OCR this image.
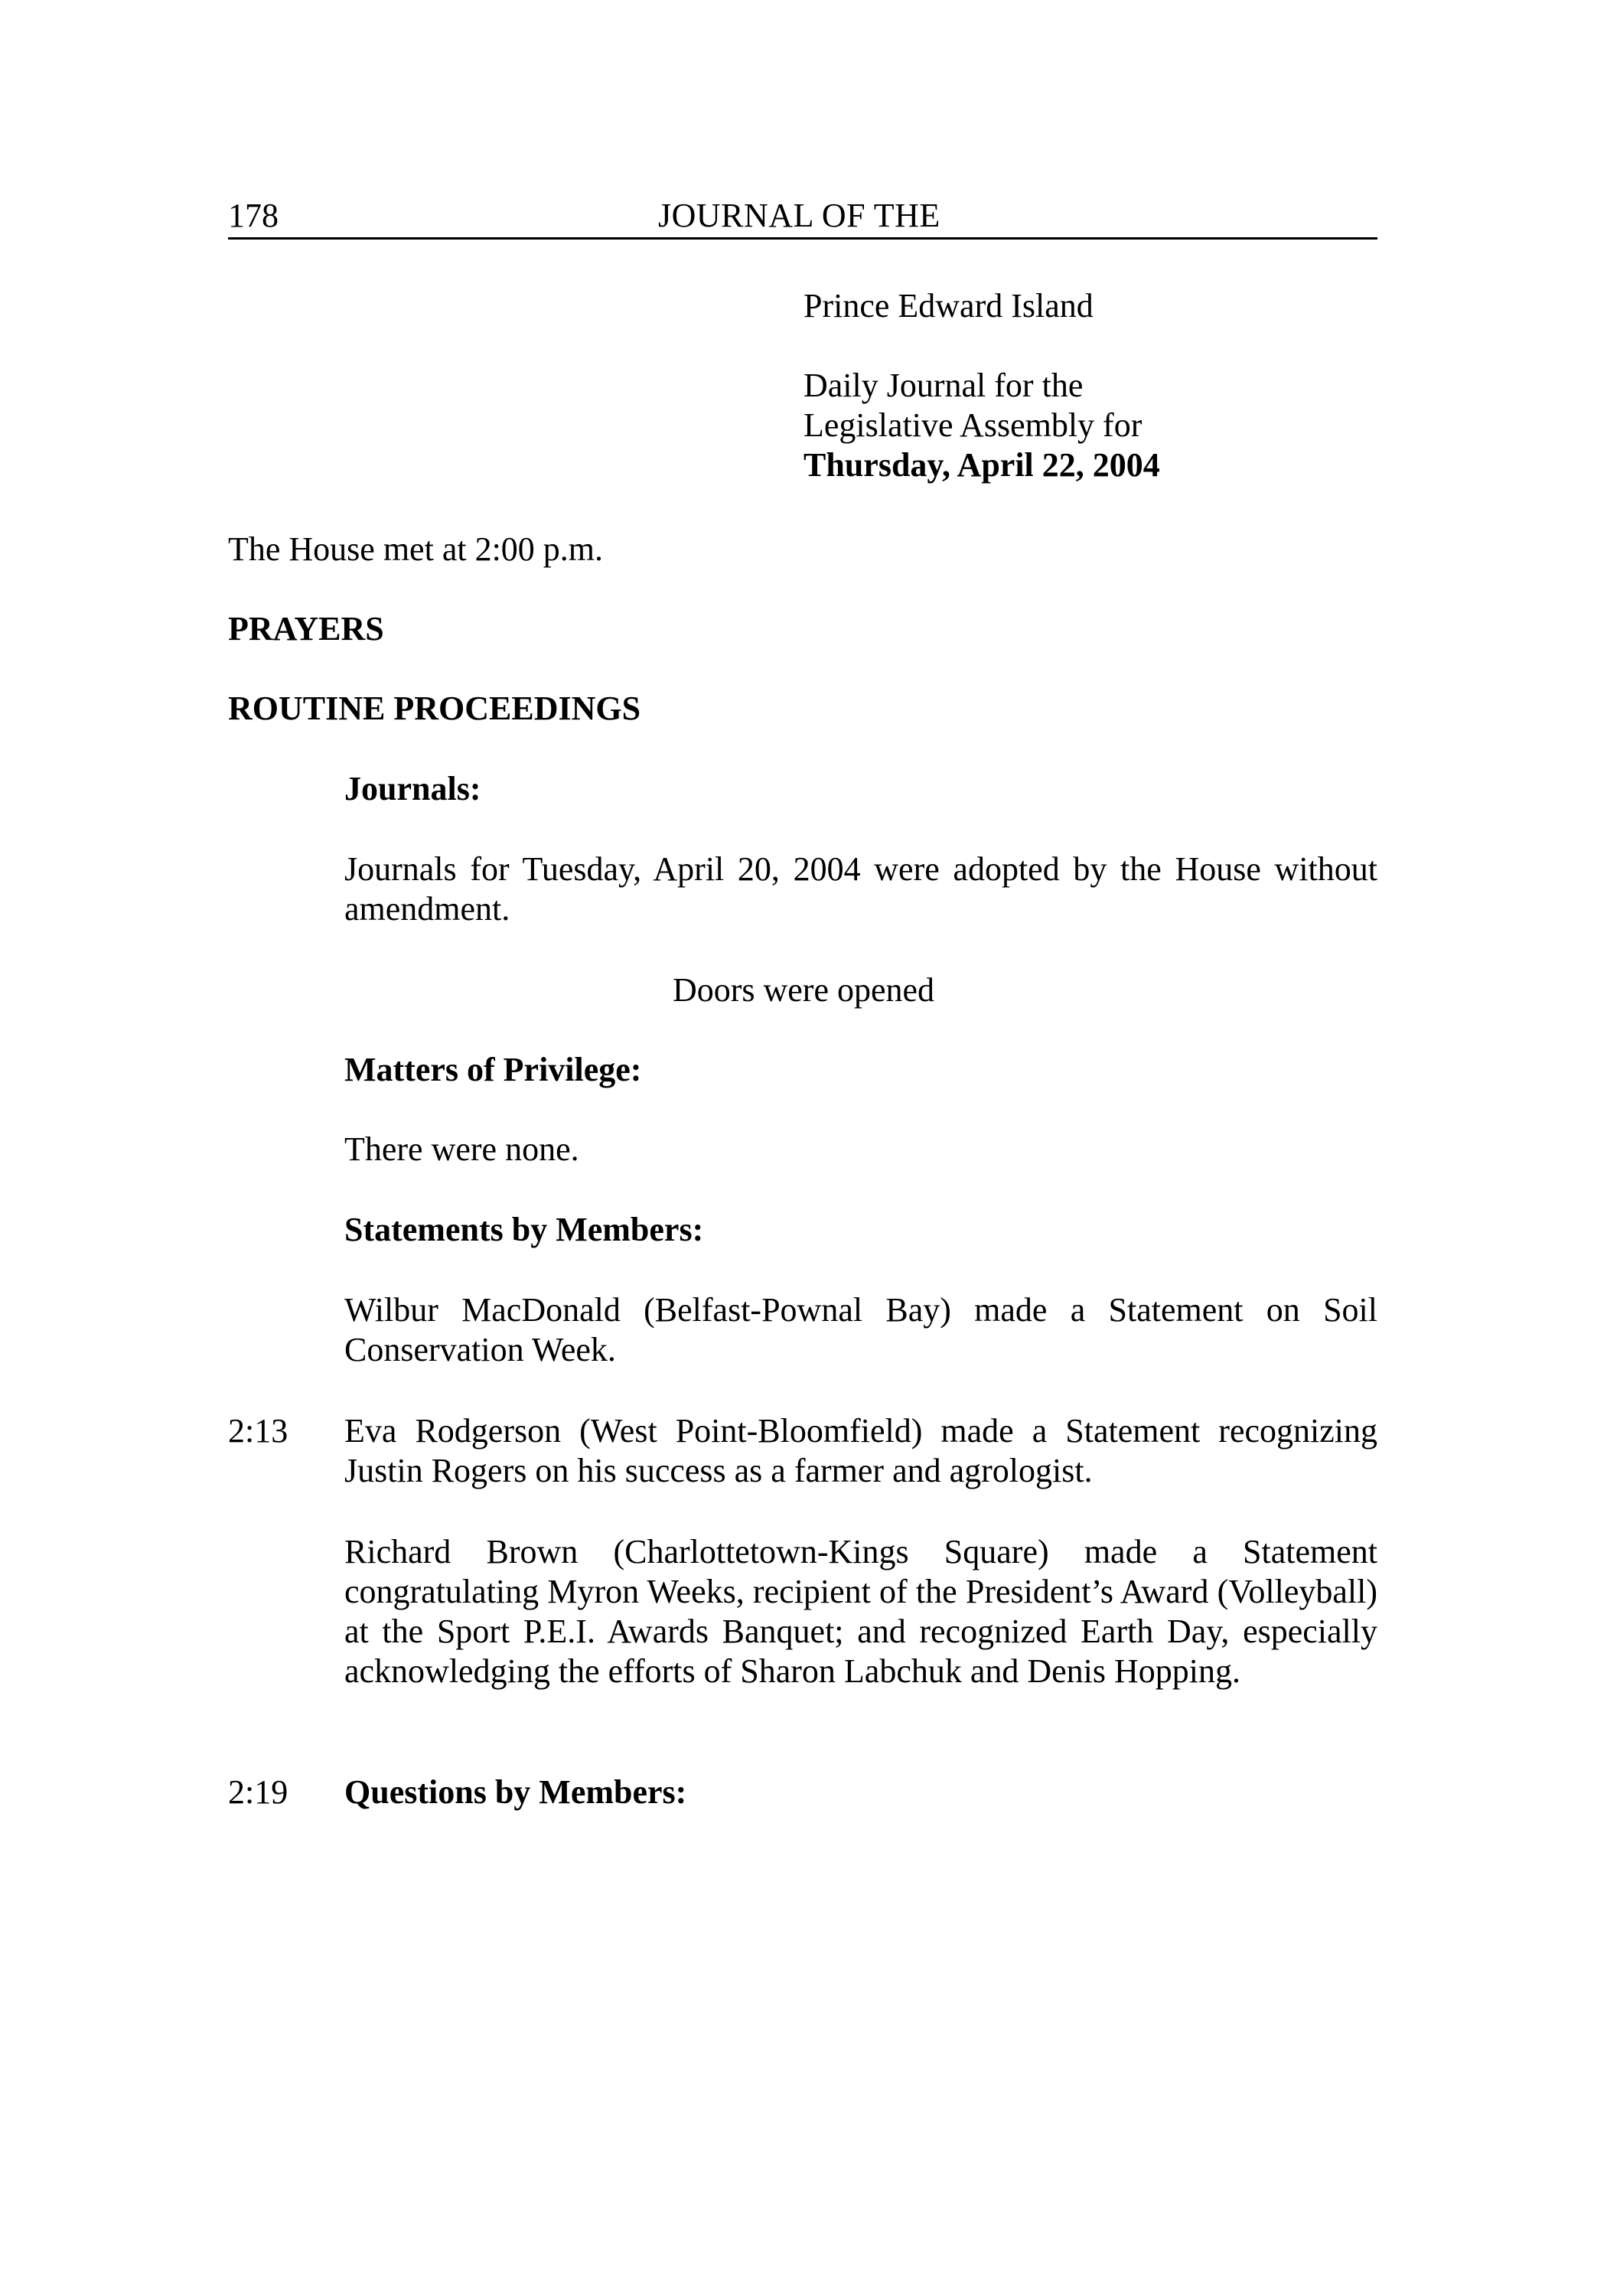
178	JOURNAL OF THE
Prince Edward Island
Daily Journal for the
Legislative Assembly for
Thursday, April 22, 2004
The House met at 2:00 p.m.
PRAYERS
ROUTINE PROCEEDINGS
Journals:

Journals for Tuesday, April 20, 2004 were adopted by the House without amendment.

Doors were opened
Matters of Privilege:
There were none.
Statements by Members:

Wilbur MacDonald (Belfast-Pownal Bay) made a Statement on Soil Conservation Week.

2:13 Eva Rodgerson (West Point-Bloomfield) made a Statement recognizing Justin Rogers on his success as a farmer and agrologist.

Richard Brown (Charlottetown-Kings Square) made a Statement congratulating Myron Weeks, recipient of the President’s Award (Volleyball) at the Sport P.E.I. Awards Banquet; and recognized Earth Day, especially acknowledging the efforts of Sharon Labchuk and Denis Hopping.

2:19 Questions by Members:
